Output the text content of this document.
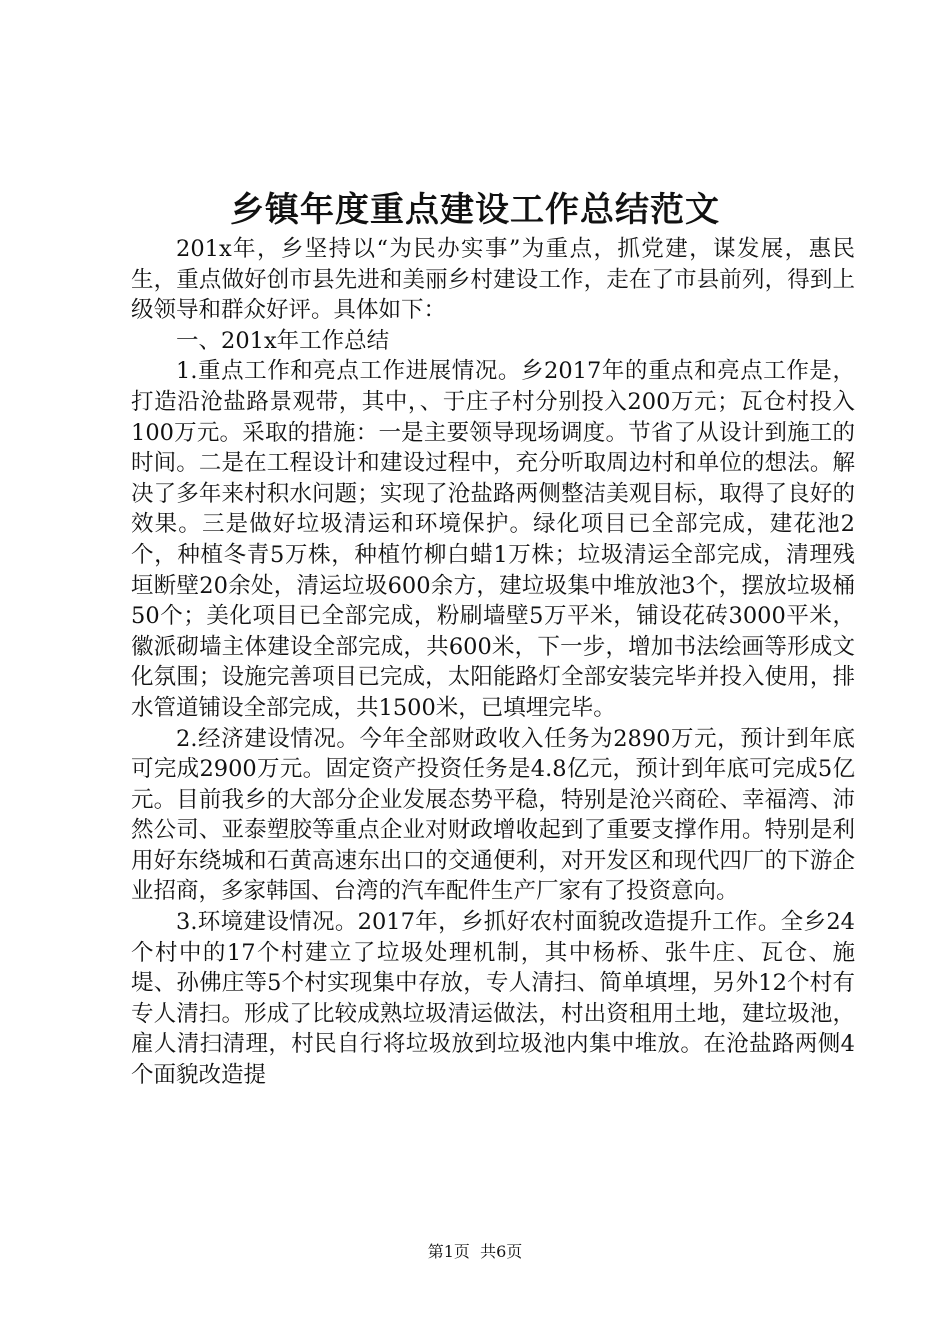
乡镇年度重点建设工作总结范文

201x年，乡坚持以“为民办实事”为重点，抓党建，谋发展，惠民生，重点做好创市县先进和美丽乡村建设工作，走在了市县前列，得到上级领导和群众好评。具体如下：

一、201x年工作总结

1.重点工作和亮点工作进展情况。乡2017年的重点和亮点工作是，打造沿沧盐路景观带，其中，、于庄子村分别投入200万元；瓦仓村投入100万元。采取的措施：一是主要领导现场调度。节省了从设计到施工的时间。二是在工程设计和建设过程中，充分听取周边村和单位的想法。解决了多年来村积水问题；实现了沧盐路两侧整洁美观目标，取得了良好的效果。三是做好垃圾清运和环境保护。绿化项目已全部完成，建花池2个，种植冬青5万株，种植竹柳白蜡1万株；垃圾清运全部完成，清理残垣断壁20余处，清运垃圾600余方，建垃圾集中堆放池3个，摆放垃圾桶50个；美化项目已全部完成，粉刷墙壁5万平米，铺设花砖3000平米，徽派砌墙主体建设全部完成，共600米，下一步，增加书法绘画等形成文化氛围；设施完善项目已完成，太阳能路灯全部安装完毕并投入使用，排水管道铺设全部完成，共1500米，已填埋完毕。

2.经济建设情况。今年全部财政收入任务为2890万元，预计到年底可完成2900万元。固定资产投资任务是4.8亿元，预计到年底可完成5亿元。目前我乡的大部分企业发展态势平稳，特别是沧兴商砼、幸福湾、沛然公司、亚泰塑胶等重点企业对财政增收起到了重要支撑作用。特别是利用好东绕城和石黄高速东出口的交通便利，对开发区和现代四厂的下游企业招商，多家韩国、台湾的汽车配件生产厂家有了投资意向。

3.环境建设情况。2017年，乡抓好农村面貌改造提升工作。全乡24个村中的17个村建立了垃圾处理机制，其中杨桥、张牛庄、瓦仓、施堤、孙佛庄等5个村实现集中存放，专人清扫、简单填埋，另外12个村有专人清扫。形成了比较成熟垃圾清运做法，村出资租用土地，建垃圾池，雇人清扫清理，村民自行将垃圾放到垃圾池内集中堆放。在沧盐路两侧4个面貌改造提

第1页 共6页
